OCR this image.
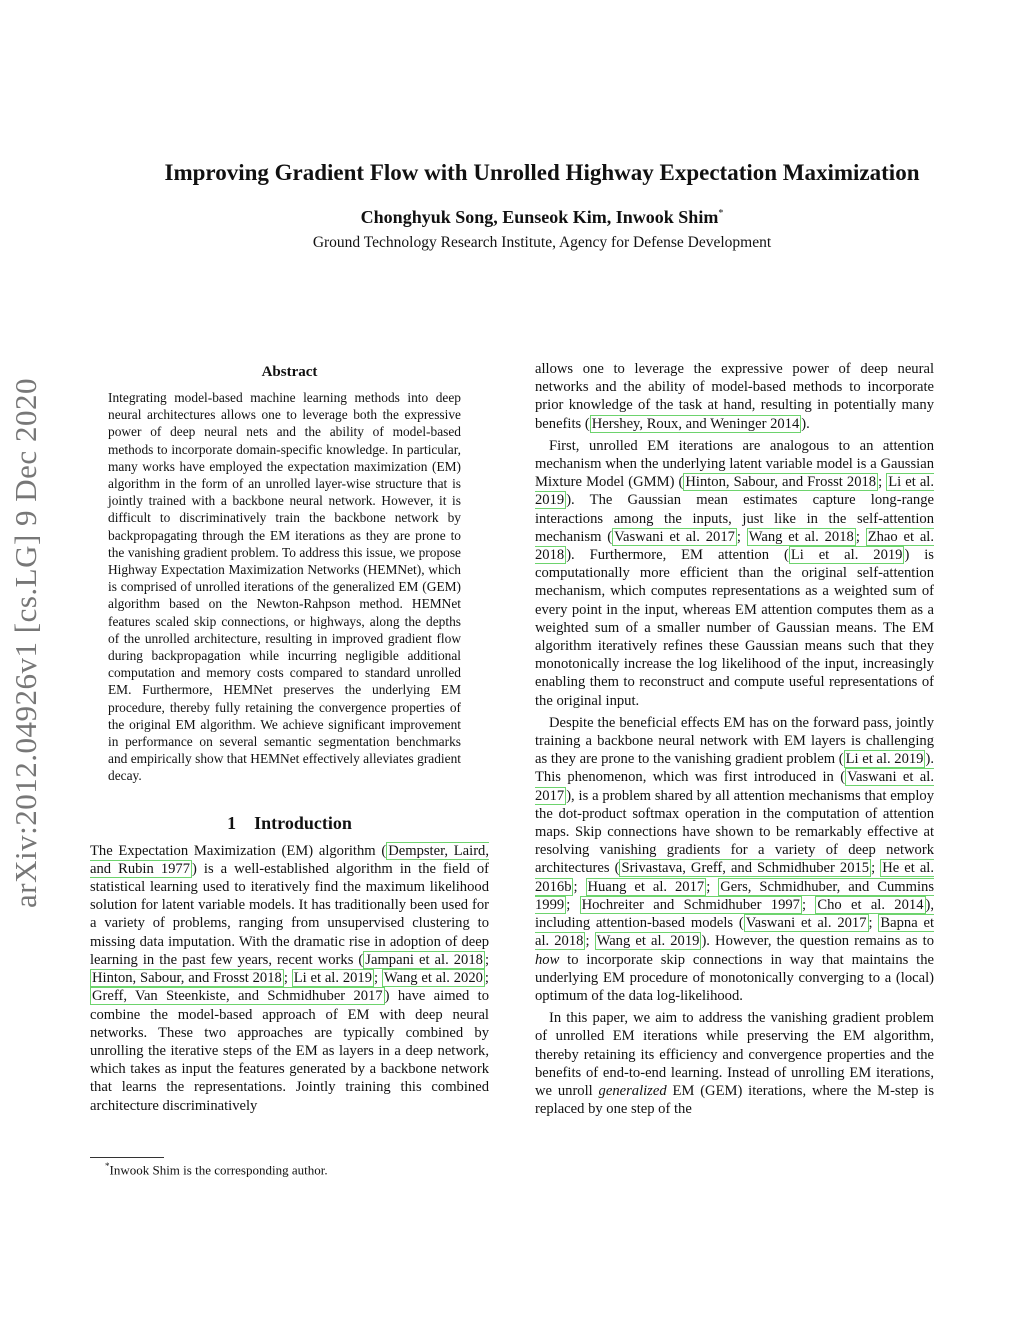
arXiv:2012.04926v1 [cs.LG] 9 Dec 2020
Improving Gradient Flow with Unrolled Highway Expectation Maximization
Chonghyuk Song, Eunseok Kim, Inwook Shim*
Ground Technology Research Institute, Agency for Defense Development
Abstract

Integrating model-based machine learning methods into deep neural architectures allows one to leverage both the expressive power of deep neural nets and the ability of model-based methods to incorporate domain-specific knowledge. In particular, many works have employed the expectation maximization (EM) algorithm in the form of an unrolled layer-wise structure that is jointly trained with a backbone neural network. However, it is difficult to discriminatively train the backbone network by backpropagating through the EM iterations as they are prone to the vanishing gradient problem. To address this issue, we propose Highway Expectation Maximization Networks (HEMNet), which is comprised of unrolled iterations of the generalized EM (GEM) algorithm based on the Newton-Rahpson method. HEMNet features scaled skip connections, or highways, along the depths of the unrolled architecture, resulting in improved gradient flow during backpropagation while incurring negligible additional computation and memory costs compared to standard unrolled EM. Furthermore, HEMNet preserves the underlying EM procedure, thereby fully retaining the convergence properties of the original EM algorithm. We achieve significant improvement in performance on several semantic segmentation benchmarks and empirically show that HEMNet effectively alleviates gradient decay.

1 Introduction

The Expectation Maximization (EM) algorithm ( Dempster, Laird, and Rubin 1977 ) is a well-established algorithm in the field of statistical learning used to iteratively find the maximum likelihood solution for latent variable models. It has traditionally been used for a variety of problems, ranging from unsupervised clustering to missing data imputation. With the dramatic rise in adoption of deep learning in the past few years, recent works ( Jampani et al. 2018 ; Hinton, Sabour, and Frosst 2018 ; Li et al. 2019 ; Wang et al. 2020 ; Greff, Van Steenkiste, and Schmidhuber 2017 ) have aimed to combine the model-based approach of EM with deep neural networks. These two approaches are typically combined by unrolling the iterative steps of the EM as layers in a deep network, which takes as input the features generated by a backbone network that learns the representations. Jointly training this combined architecture discriminatively

allows one to leverage the expressive power of deep neural networks and the ability of model-based methods to incorporate prior knowledge of the task at hand, resulting in potentially many benefits ( Hershey, Roux, and Weninger 2014 ).

First, unrolled EM iterations are analogous to an attention mechanism when the underlying latent variable model is a Gaussian Mixture Model (GMM) ( Hinton, Sabour, and Frosst 2018 ; Li et al. 2019 ). The Gaussian mean estimates capture long-range interactions among the inputs, just like in the self-attention mechanism ( Vaswani et al. 2017 ; Wang et al. 2018 ; Zhao et al. 2018 ). Furthermore, EM attention ( Li et al. 2019 ) is computationally more efficient than the original self-attention mechanism, which computes representations as a weighted sum of every point in the input, whereas EM attention computes them as a weighted sum of a smaller number of Gaussian means. The EM algorithm iteratively refines these Gaussian means such that they monotonically increase the log likelihood of the input, increasingly enabling them to reconstruct and compute useful representations of the original input.

Despite the beneficial effects EM has on the forward pass, jointly training a backbone neural network with EM layers is challenging as they are prone to the vanishing gradient problem ( Li et al. 2019 ). This phenomenon, which was first introduced in ( Vaswani et al. 2017 ), is a problem shared by all attention mechanisms that employ the dot-product softmax operation in the computation of attention maps. Skip connections have shown to be remarkably effective at resolving vanishing gradients for a variety of deep network architectures ( Srivastava, Greff, and Schmidhuber 2015 ; He et al. 2016b ; Huang et al. 2017 ; Gers, Schmidhuber, and Cummins 1999 ; Hochreiter and Schmidhuber 1997 ; Cho et al. 2014 ), including attention-based models ( Vaswani et al. 2017 ; Bapna et al. 2018 ; Wang et al. 2019 ). However, the question remains as to how to incorporate skip connections in way that maintains the underlying EM procedure of monotonically converging to a (local) optimum of the data log-likelihood.

In this paper, we aim to address the vanishing gradient problem of unrolled EM iterations while preserving the EM algorithm, thereby retaining its efficiency and convergence properties and the benefits of end-to-end learning. Instead of unrolling EM iterations, we unroll generalized EM (GEM) iterations, where the M-step is replaced by one step of the

*Inwook Shim is the corresponding author.
